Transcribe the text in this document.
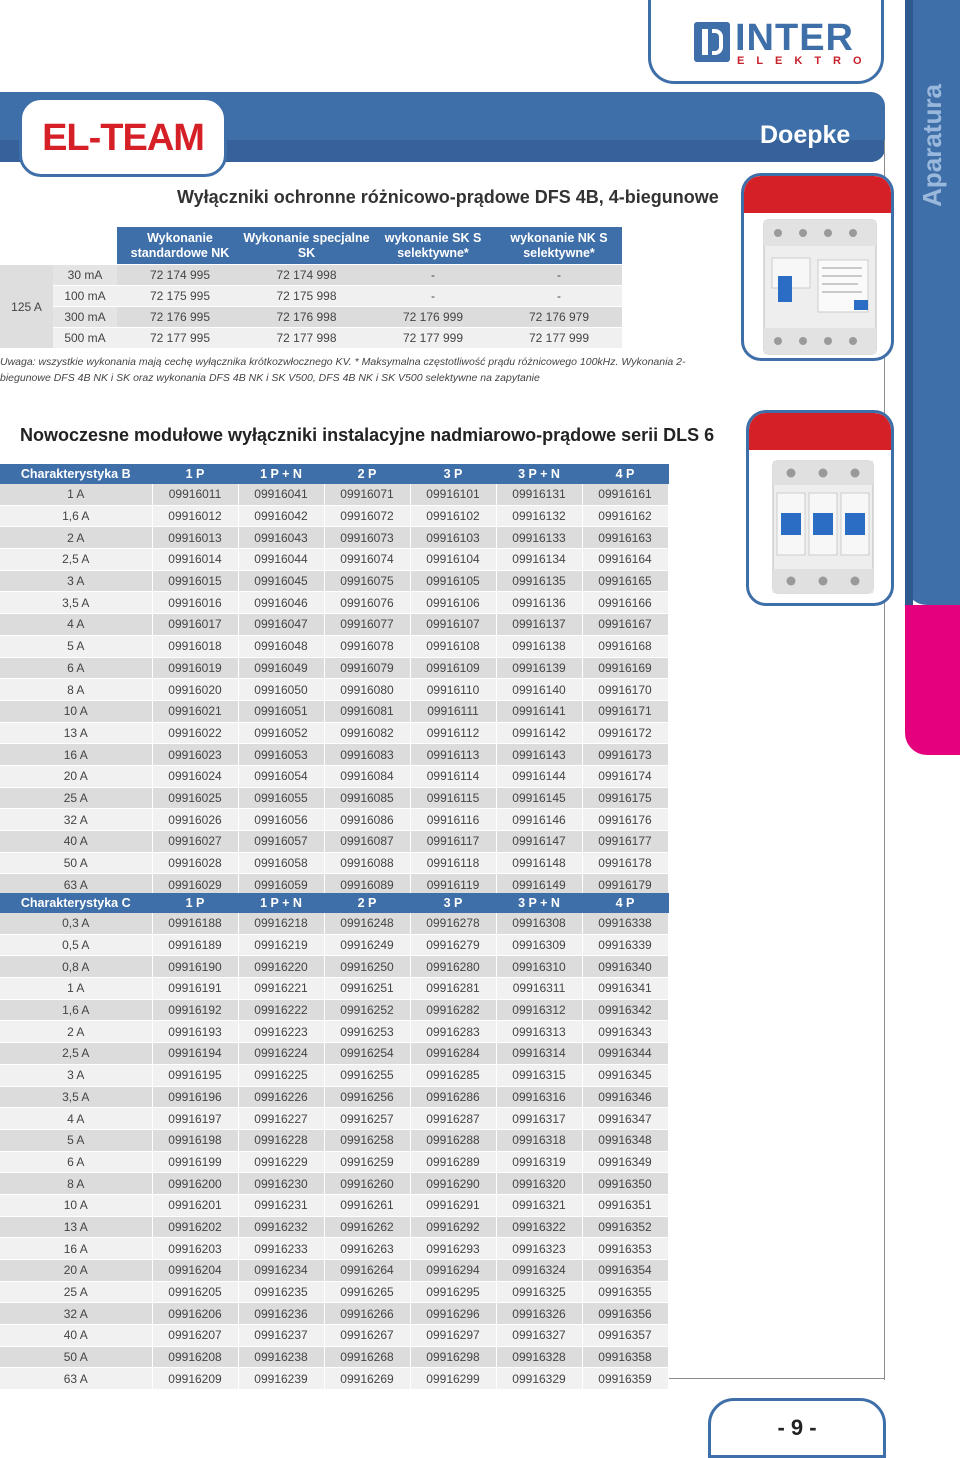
INTER
ELEKTRO
EL-TEAM	Doepke	Aparatura
Wyłączniki ochronne różnicowo-prądowe DFS 4B, 4-biegunowe
		Wykonanie standardowe NK	Wykonanie specjalne SK	wykonanie SK S selektywne*	wykonanie NK S selektywne*
125 A	30 mA	72 174 995	72 174 998	-	-
	100 mA	72 175 995	72 175 998	-	-
	300 mA	72 176 995	72 176 998	72 176 999	72 176 979
	500 mA	72 177 995	72 177 998	72 177 999	72 177 999
Uwaga: wszystkie wykonania mają cechę wyłącznika krótkozwłocznego KV. * Maksymalna częstotliwość prądu różnicowego 100kHz. Wykonania 2-biegunowe DFS 4B NK i SK oraz wykonania DFS 4B NK i SK V500, DFS 4B NK i SK V500 selektywne na zapytanie
Nowoczesne modułowe wyłączniki instalacyjne nadmiarowo-prądowe serii DLS 6
Charakterystyka B	1 P	1 P + N	2 P	3 P	3 P + N	4 P
1 A	09916011	09916041	09916071	09916101	09916131	09916161
1,6 A	09916012	09916042	09916072	09916102	09916132	09916162
2 A	09916013	09916043	09916073	09916103	09916133	09916163
2,5 A	09916014	09916044	09916074	09916104	09916134	09916164
3 A	09916015	09916045	09916075	09916105	09916135	09916165
3,5 A	09916016	09916046	09916076	09916106	09916136	09916166
4 A	09916017	09916047	09916077	09916107	09916137	09916167
5 A	09916018	09916048	09916078	09916108	09916138	09916168
6 A	09916019	09916049	09916079	09916109	09916139	09916169
8 A	09916020	09916050	09916080	09916110	09916140	09916170
10 A	09916021	09916051	09916081	09916111	09916141	09916171
13 A	09916022	09916052	09916082	09916112	09916142	09916172
16 A	09916023	09916053	09916083	09916113	09916143	09916173
20 A	09916024	09916054	09916084	09916114	09916144	09916174
25 A	09916025	09916055	09916085	09916115	09916145	09916175
32 A	09916026	09916056	09916086	09916116	09916146	09916176
40 A	09916027	09916057	09916087	09916117	09916147	09916177
50 A	09916028	09916058	09916088	09916118	09916148	09916178
63 A	09916029	09916059	09916089	09916119	09916149	09916179
Charakterystyka C	1 P	1 P + N	2 P	3 P	3 P + N	4 P
0,3 A	09916188	09916218	09916248	09916278	09916308	09916338
0,5 A	09916189	09916219	09916249	09916279	09916309	09916339
0,8 A	09916190	09916220	09916250	09916280	09916310	09916340
1 A	09916191	09916221	09916251	09916281	09916311	09916341
1,6 A	09916192	09916222	09916252	09916282	09916312	09916342
2 A	09916193	09916223	09916253	09916283	09916313	09916343
2,5 A	09916194	09916224	09916254	09916284	09916314	09916344
3 A	09916195	09916225	09916255	09916285	09916315	09916345
3,5 A	09916196	09916226	09916256	09916286	09916316	09916346
4 A	09916197	09916227	09916257	09916287	09916317	09916347
5 A	09916198	09916228	09916258	09916288	09916318	09916348
6 A	09916199	09916229	09916259	09916289	09916319	09916349
8 A	09916200	09916230	09916260	09916290	09916320	09916350
10 A	09916201	09916231	09916261	09916291	09916321	09916351
13 A	09916202	09916232	09916262	09916292	09916322	09916352
16 A	09916203	09916233	09916263	09916293	09916323	09916353
20 A	09916204	09916234	09916264	09916294	09916324	09916354
25 A	09916205	09916235	09916265	09916295	09916325	09916355
32 A	09916206	09916236	09916266	09916296	09916326	09916356
40 A	09916207	09916237	09916267	09916297	09916327	09916357
50 A	09916208	09916238	09916268	09916298	09916328	09916358
63 A	09916209	09916239	09916269	09916299	09916329	09916359
- 9 -
